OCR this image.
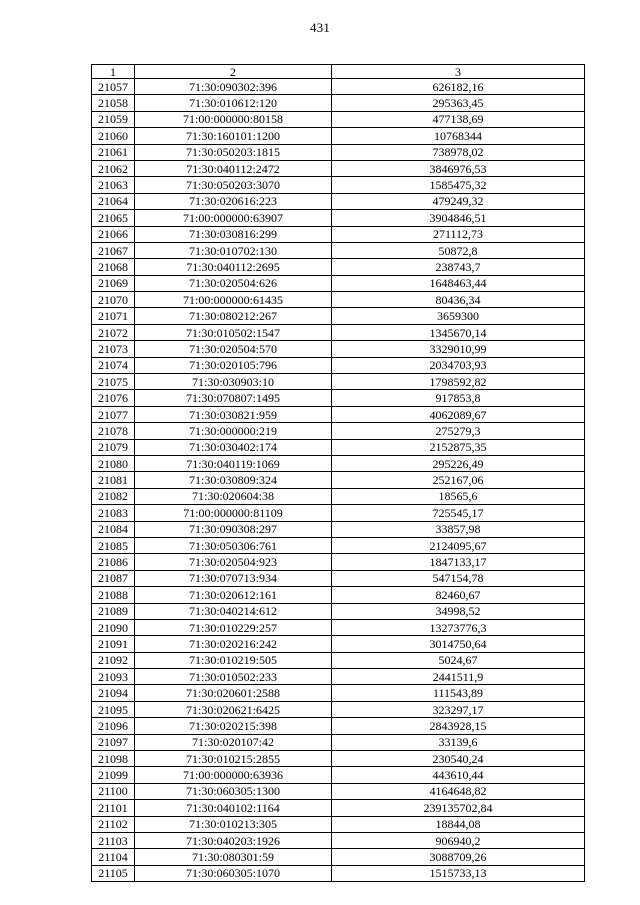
431
1	2	3
21057	71:30:090302:396	626182,16
21058	71:30:010612:120	295363,45
21059	71:00:000000:80158	477138,69
21060	71:30:160101:1200	10768344
21061	71:30:050203:1815	738978,02
21062	71:30:040112:2472	3846976,53
21063	71:30:050203:3070	1585475,32
21064	71:30:020616:223	479249,32
21065	71:00:000000:63907	3904846,51
21066	71:30:030816:299	271112,73
21067	71:30:010702:130	50872,8
21068	71:30:040112:2695	238743,7
21069	71:30:020504:626	1648463,44
21070	71:00:000000:61435	80436,34
21071	71:30:080212:267	3659300
21072	71:30:010502:1547	1345670,14
21073	71:30:020504:570	3329010,99
21074	71:30:020105:796	2034703,93
21075	71:30:030903:10	1798592,82
21076	71:30:070807:1495	917853,8
21077	71:30:030821:959	4062089,67
21078	71:30:000000:219	275279,3
21079	71:30:030402:174	2152875,35
21080	71:30:040119:1069	295226,49
21081	71:30:030809:324	252167,06
21082	71:30:020604:38	18565,6
21083	71:00:000000:81109	725545,17
21084	71:30:090308:297	33857,98
21085	71:30:050306:761	2124095,67
21086	71:30:020504:923	1847133,17
21087	71:30:070713:934	547154,78
21088	71:30:020612:161	82460,67
21089	71:30:040214:612	34998,52
21090	71:30:010229:257	13273776,3
21091	71:30:020216:242	3014750,64
21092	71:30:010219:505	5024,67
21093	71:30:010502:233	2441511,9
21094	71:30:020601:2588	111543,89
21095	71:30:020621:6425	323297,17
21096	71:30:020215:398	2843928,15
21097	71:30:020107:42	33139,6
21098	71:30:010215:2855	230540,24
21099	71:00:000000:63936	443610,44
21100	71:30:060305:1300	4164648,82
21101	71:30:040102:1164	239135702,84
21102	71:30:010213:305	18844,08
21103	71:30:040203:1926	906940,2
21104	71:30:080301:59	3088709,26
21105	71:30:060305:1070	1515733,13
